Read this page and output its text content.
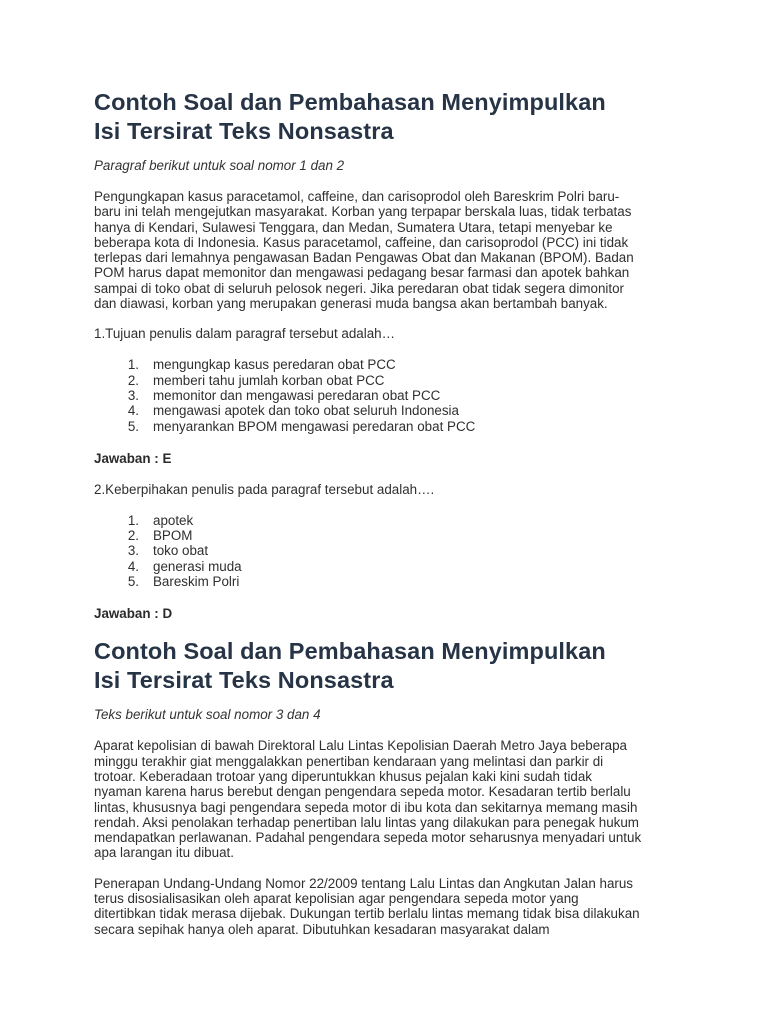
Contoh Soal dan Pembahasan Menyimpulkan
Isi Tersirat Teks Nonsastra

Paragraf berikut untuk soal nomor 1 dan 2

Pengungkapan kasus paracetamol, caffeine, dan carisoprodol oleh Bareskrim Polri baru-
baru ini telah mengejutkan masyarakat. Korban yang terpapar berskala luas, tidak terbatas
hanya di Kendari, Sulawesi Tenggara, dan Medan, Sumatera Utara, tetapi menyebar ke
beberapa kota di Indonesia. Kasus paracetamol, caffeine, dan carisoprodol (PCC) ini tidak
terlepas dari lemahnya pengawasan Badan Pengawas Obat dan Makanan (BPOM). Badan
POM harus dapat memonitor dan mengawasi pedagang besar farmasi dan apotek bahkan
sampai di toko obat di seluruh pelosok negeri. Jika peredaran obat tidak segera dimonitor
dan diawasi, korban yang merupakan generasi muda bangsa akan bertambah banyak.

1.Tujuan penulis dalam paragraf tersebut adalah…

1. mengungkap kasus peredaran obat PCC
2. memberi tahu jumlah korban obat PCC
3. memonitor dan mengawasi peredaran obat PCC
4. mengawasi apotek dan toko obat seluruh Indonesia
5. menyarankan BPOM mengawasi peredaran obat PCC

Jawaban : E

2.Keberpihakan penulis pada paragraf tersebut adalah….

1. apotek
2. BPOM
3. toko obat
4. generasi muda
5. Bareskim Polri

Jawaban : D

Contoh Soal dan Pembahasan Menyimpulkan
Isi Tersirat Teks Nonsastra

Teks berikut untuk soal nomor 3 dan 4

Aparat kepolisian di bawah Direktoral Lalu Lintas Kepolisian Daerah Metro Jaya beberapa
minggu terakhir giat menggalakkan penertiban kendaraan yang melintasi dan parkir di
trotoar. Keberadaan trotoar yang diperuntukkan khusus pejalan kaki kini sudah tidak
nyaman karena harus berebut dengan pengendara sepeda motor. Kesadaran tertib berlalu
lintas, khususnya bagi pengendara sepeda motor di ibu kota dan sekitarnya memang masih
rendah. Aksi penolakan terhadap penertiban lalu lintas yang dilakukan para penegak hukum
mendapatkan perlawanan. Padahal pengendara sepeda motor seharusnya menyadari untuk
apa larangan itu dibuat.

Penerapan Undang-Undang Nomor 22/2009 tentang Lalu Lintas dan Angkutan Jalan harus
terus disosialisasikan oleh aparat kepolisian agar pengendara sepeda motor yang
ditertibkan tidak merasa dijebak. Dukungan tertib berlalu lintas memang tidak bisa dilakukan
secara sepihak hanya oleh aparat. Dibutuhkan kesadaran masyarakat dalam
